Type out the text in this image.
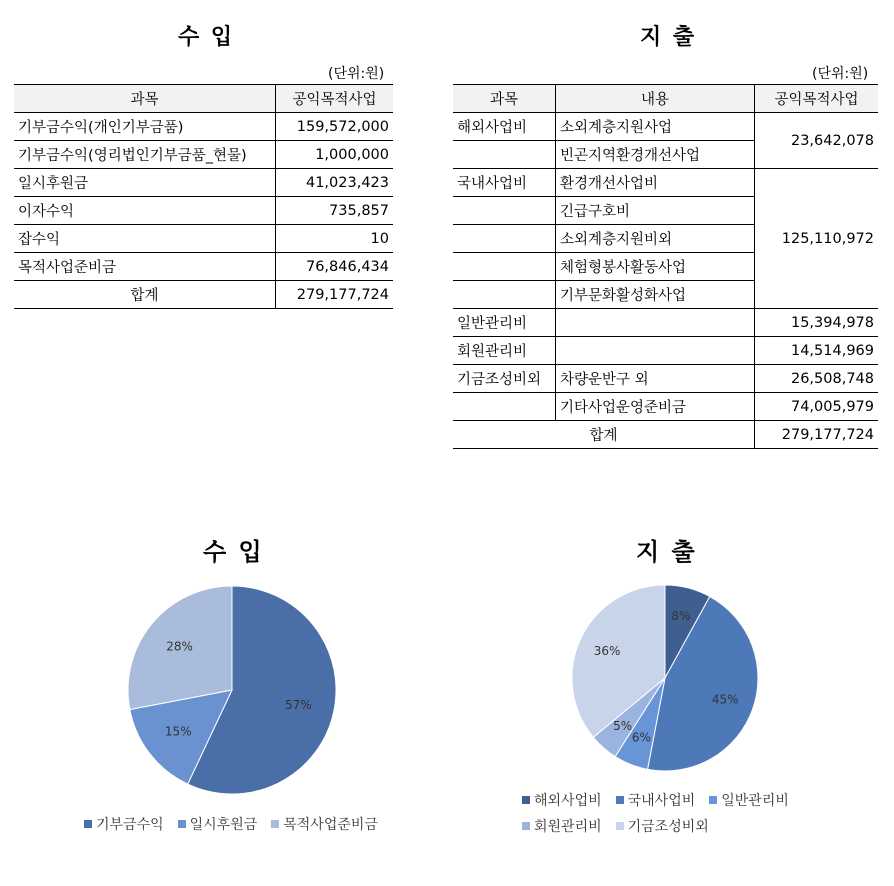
수 입
(단위:원)
과목	공익목적사업
기부금수익(개인기부금품)	159,572,000
기부금수익(영리법인기부금품_현물)	1,000,000
일시후원금	41,023,423
이자수익	735,857
잡수익	10
목적사업준비금	76,846,434
합계	279,177,724
지 출
(단위:원)
과목	내용	공익목적사업
해외사업비	소외계층지원사업	23,642,078
	빈곤지역환경개선사업	
국내사업비	환경개선사업비	125,110,972
	긴급구호비	
	소외계층지원비외	
	체험형봉사활동사업	
	기부문화활성화사업	
일반관리비		15,394,978
회원관리비		14,514,969
기금조성비외	차량운반구 외	26,508,748
	기타사업운영준비금	74,005,979
합계		279,177,724
수 입
57%
15%
28%
기부금수익 일시후원금 목적사업준비금
지 출
8%
45%
6%
5%
36%
해외사업비 국내사업비 일반관리비
회원관리비 기금조성비외
